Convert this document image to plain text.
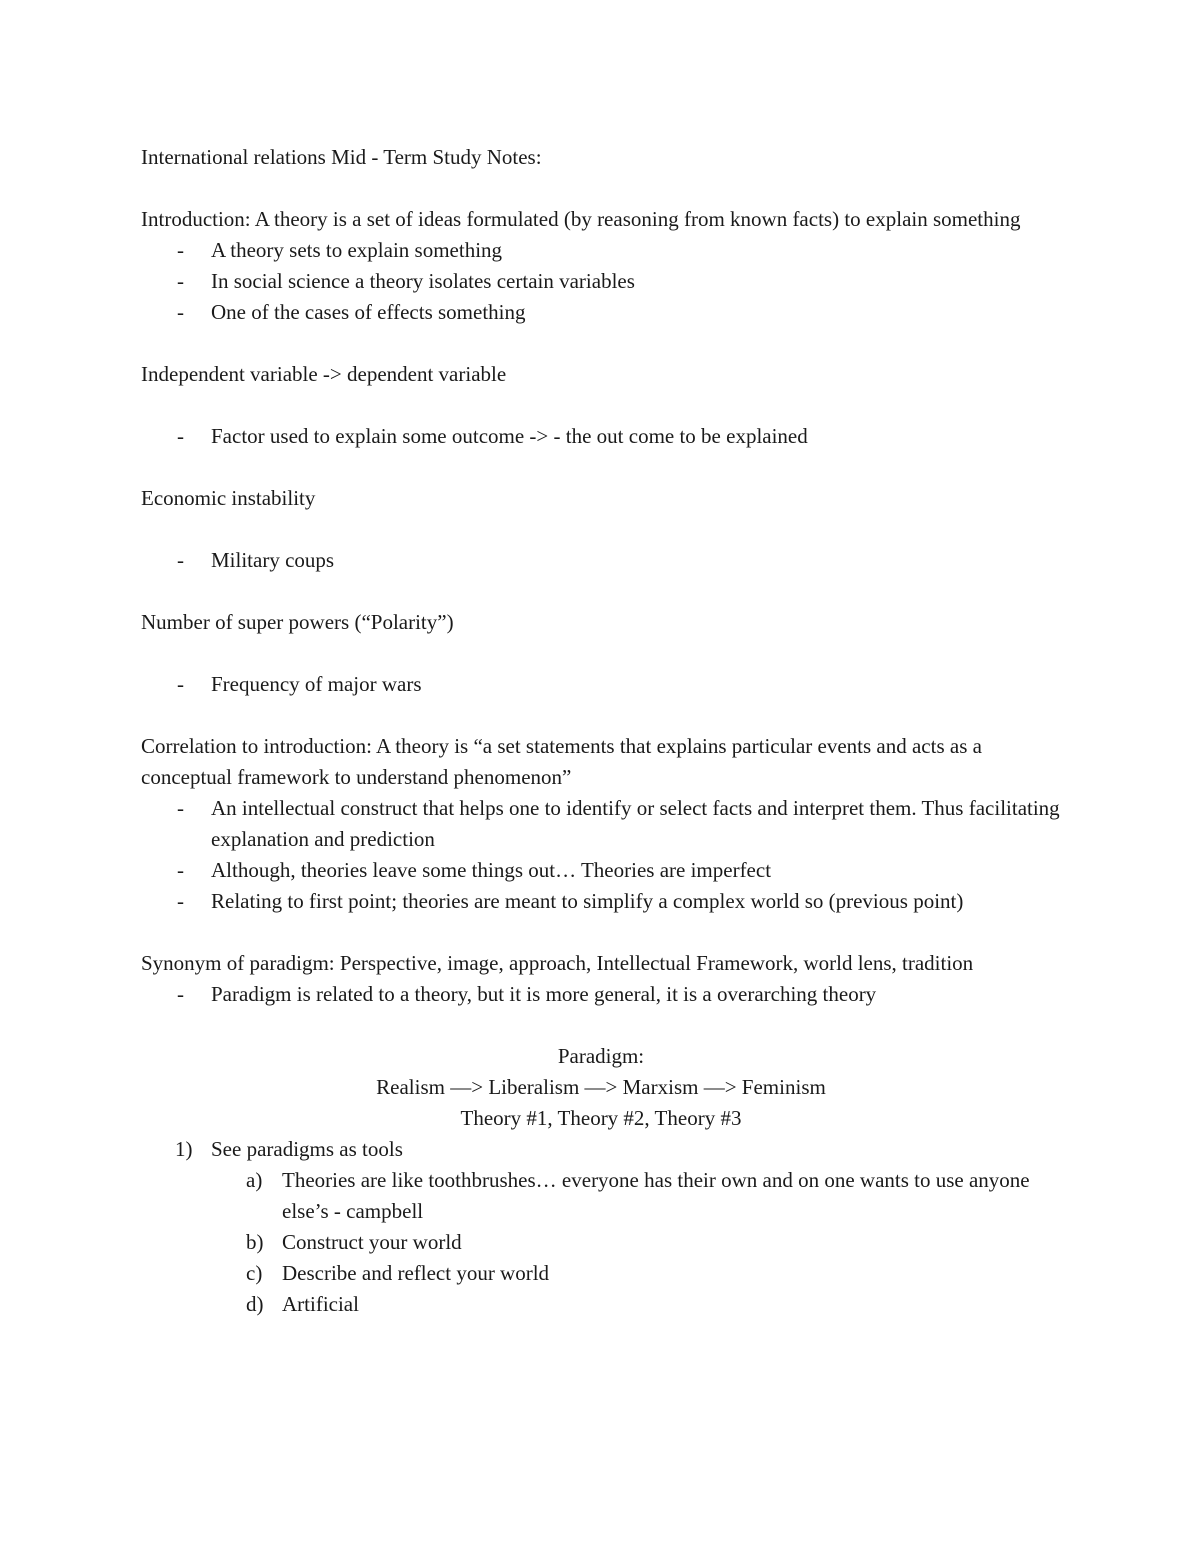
International relations Mid - Term Study Notes:
Introduction: A theory is a set of ideas formulated (by reasoning from known facts) to explain something
- A theory sets to explain something
- In social science a theory isolates certain variables
- One of the cases of effects something
Independent variable -> dependent variable
- Factor used to explain some outcome -> - the out come to be explained
Economic instability
- Military coups
Number of super powers (“Polarity”)
- Frequency of major wars
Correlation to introduction: A theory is “a set statements that explains particular events and acts as a conceptual framework to understand phenomenon”
- An intellectual construct that helps one to identify or select facts and interpret them. Thus facilitating explanation and prediction
- Although, theories leave some things out… Theories are imperfect
- Relating to first point; theories are meant to simplify a complex world so (previous point)
Synonym of paradigm: Perspective, image, approach, Intellectual Framework, world lens, tradition
- Paradigm is related to a theory, but it is more general, it is a overarching theory
Paradigm:
Realism —> Liberalism —> Marxism —> Feminism
Theory #1, Theory #2, Theory #3
1) See paradigms as tools
a) Theories are like toothbrushes… everyone has their own and on one wants to use anyone else’s - campbell
b) Construct your world
c) Describe and reflect your world
d) Artificial
